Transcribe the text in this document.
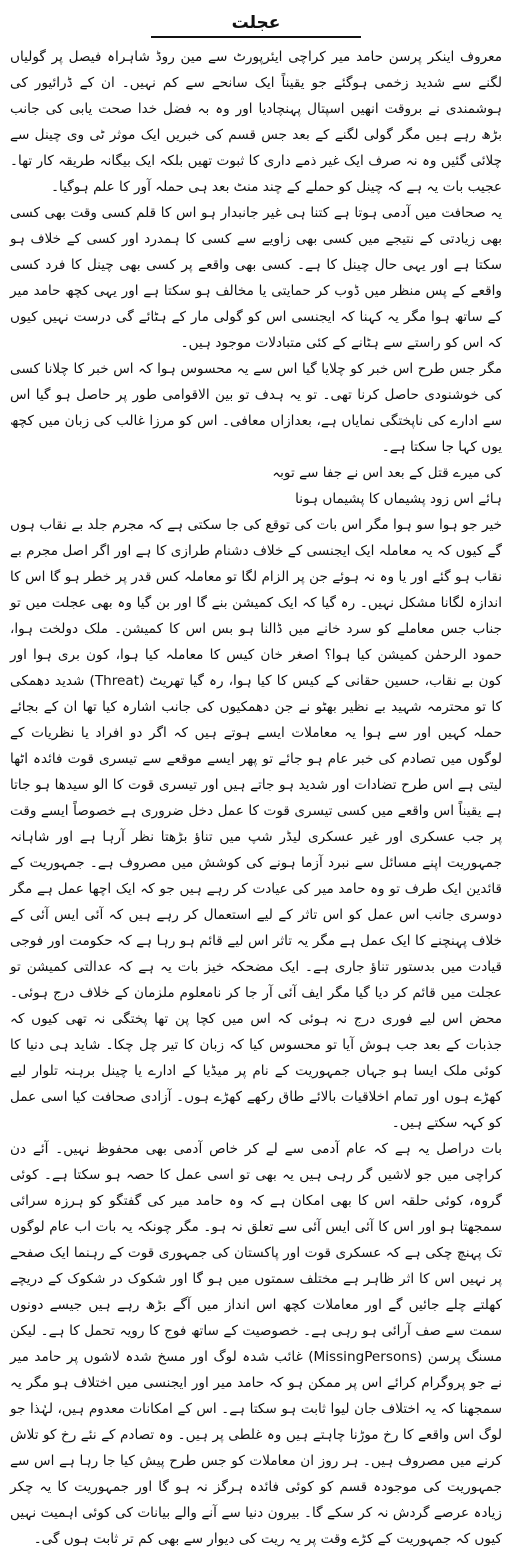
عجلت

معروف اینکر پرسن حامد میر کراچی ایئرپورٹ سے مین روڈ شاہراہ فیصل پر گولیاں لگنے سے شدید زخمی ہوگئے جو یقیناً ایک سانحے سے کم نہیں۔ ان کے ڈرائیور کی ہوشمندی نے بروقت انھیں اسپتال پہنچادیا اور وہ بہ فضل خدا صحت یابی کی جانب بڑھ رہے ہیں مگر گولی لگنے کے بعد جس قسم کی خبریں ایک موثر ٹی وی چینل سے چلائی گئیں وہ نہ صرف ایک غیر ذمے داری کا ثبوت تھیں بلکہ ایک بیگانہ طریقہ کار تھا۔ عجیب بات یہ ہے کہ چینل کو حملے کے چند منٹ بعد ہی حملہ آور کا علم ہوگیا۔

یہ صحافت میں آدمی ہوتا ہے کتنا ہی غیر جانبدار ہو اس کا قلم کسی وقت بھی کسی بھی زیادتی کے نتیجے میں کسی بھی زاویے سے کسی کا ہمدرد اور کسی کے خلاف ہو سکتا ہے اور یہی حال چینل کا ہے۔ کسی بھی واقعے پر کسی بھی چینل کا فرد کسی واقعے کے پس منظر میں ڈوب کر حمایتی یا مخالف ہو سکتا ہے اور یہی کچھ حامد میر کے ساتھ ہوا مگر یہ کہنا کہ ایجنسی اس کو گولی مار کے ہٹائے گی درست نہیں کیوں کہ اس کو راستے سے ہٹانے کے کئی متبادلات موجود ہیں۔

مگر جس طرح اس خبر کو چلایا گیا اس سے یہ محسوس ہوا کہ اس خبر کا چلانا کسی کی خوشنودی حاصل کرنا تھی۔ تو یہ ہدف تو بین الاقوامی طور پر حاصل ہو گیا اس سے ادارے کی ناپختگی نمایاں ہے، بعدازاں معافی۔ اس کو مرزا غالب کی زبان میں کچھ یوں کہا جا سکتا ہے۔

کی میرے قتل کے بعد اس نے جفا سے توبہ

ہائے اس زود پشیماں کا پشیماں ہونا

خیر جو ہوا سو ہوا مگر اس بات کی توقع کی جا سکتی ہے کہ مجرم جلد بے نقاب ہوں گے کیوں کہ یہ معاملہ ایک ایجنسی کے خلاف دشنام طرازی کا ہے اور اگر اصل مجرم بے نقاب ہو گئے اور یا وہ نہ ہوئے جن پر الزام لگا تو معاملہ کس قدر پر خطر ہو گا اس کا اندازہ لگانا مشکل نہیں۔ رہ گیا کہ ایک کمیشن بنے گا اور بن گیا وہ بھی عجلت میں تو جناب جس معاملے کو سرد خانے میں ڈالنا ہو بس اس کا کمیشن۔ ملک دولخت ہوا، حمود الرحمٰن کمیشن کیا ہوا؟ اصغر خان کیس کا معاملہ کیا ہوا، کون بری ہوا اور کون بے نقاب، حسین حقانی کے کیس کا کیا ہوا، رہ گیا تھریٹ (Threat) شدید دھمکی کا تو محترمہ شہید بے نظیر بھٹو نے جن دھمکیوں کی جانب اشارہ کیا تھا ان کے بجائے حملہ کہیں اور سے ہوا یہ معاملات ایسے ہوتے ہیں کہ اگر دو افراد یا نظریات کے لوگوں میں تصادم کی خبر عام ہو جائے تو پھر ایسے موقعے سے تیسری قوت فائدہ اٹھا لیتی ہے اس طرح تضادات اور شدید ہو جاتے ہیں اور تیسری قوت کا الو سیدھا ہو جاتا ہے یقیناً اس واقعے میں کسی تیسری قوت کا عمل دخل ضروری ہے خصوصاً ایسے وقت پر جب عسکری اور غیر عسکری لیڈر شپ میں تناؤ بڑھتا نظر آرہا ہے اور شاہانہ جمہوریت اپنے مسائل سے نبرد آزما ہونے کی کوشش میں مصروف ہے۔ جمہوریت کے قائدین ایک طرف تو وہ حامد میر کی عیادت کر رہے ہیں جو کہ ایک اچھا عمل ہے مگر دوسری جانب اس عمل کو اس تاثر کے لیے استعمال کر رہے ہیں کہ آئی ایس آئی کے خلاف پہنچنے کا ایک عمل ہے مگر یہ تاثر اس لیے قائم ہو رہا ہے کہ حکومت اور فوجی قیادت میں بدستور تناؤ جاری ہے۔ ایک مضحکہ خیز بات یہ ہے کہ عدالتی کمیشن تو عجلت میں قائم کر دیا گیا مگر ایف آئی آر جا کر نامعلوم ملزمان کے خلاف درج ہوئی۔ محض اس لیے فوری درج نہ ہوئی کہ اس میں کچا پن تھا پختگی نہ تھی کیوں کہ جذبات کے بعد جب ہوش آیا تو محسوس کیا کہ زبان کا تیر چل چکا۔ شاید ہی دنیا کا کوئی ملک ایسا ہو جہاں جمہوریت کے نام پر میڈیا کے ادارے یا چینل برہنہ تلوار لیے کھڑے ہوں اور تمام اخلاقیات بالائے طاق رکھے کھڑے ہوں۔ آزادی صحافت کیا اسی عمل کو کہہ سکتے ہیں۔

بات دراصل یہ ہے کہ عام آدمی سے لے کر خاص آدمی بھی محفوظ نہیں۔ آئے دن کراچی میں جو لاشیں گر رہی ہیں یہ بھی تو اسی عمل کا حصہ ہو سکتا ہے۔ کوئی گروہ، کوئی حلقہ اس کا بھی امکان ہے کہ وہ حامد میر کی گفتگو کو ہرزہ سرائی سمجھتا ہو اور اس کا آئی ایس آئی سے تعلق نہ ہو۔ مگر چونکہ یہ بات اب عام لوگوں تک پہنچ چکی ہے کہ عسکری قوت اور پاکستان کی جمہوری قوت کے رہنما ایک صفحے پر نہیں اس کا اثر ظاہر ہے مختلف سمتوں میں ہو گا اور شکوک در شکوک کے دریچے کھلتے چلے جائیں گے اور معاملات کچھ اس انداز میں آگے بڑھ رہے ہیں جیسے دونوں سمت سے صف آرائی ہو رہی ہے۔ خصوصیت کے ساتھ فوج کا رویہ تحمل کا ہے۔ لیکن مسنگ پرسن (MissingPersons) غائب شدہ لوگ اور مسخ شدہ لاشوں پر حامد میر نے جو پروگرام کرائے اس پر ممکن ہو کہ حامد میر اور ایجنسی میں اختلاف ہو مگر یہ سمجھنا کہ یہ اختلاف جان لیوا ثابت ہو سکتا ہے۔ اس کے امکانات معدوم ہیں، لہٰذا جو لوگ اس واقعے کا رخ موڑنا چاہتے ہیں وہ غلطی پر ہیں۔ وہ تصادم کے نئے رخ کو تلاش کرنے میں مصروف ہیں۔ ہر روز ان معاملات کو جس طرح پیش کیا جا رہا ہے اس سے جمہوریت کی موجودہ قسم کو کوئی فائدہ ہرگز نہ ہو گا اور جمہوریت کا یہ چکر زیادہ عرصے گردش نہ کر سکے گا۔ بیرون دنیا سے آنے والے بیانات کی کوئی اہمیت نہیں کیوں کہ جمہوریت کے کڑے وقت پر یہ ریت کی دیوار سے بھی کم تر ثابت ہوں گی۔
